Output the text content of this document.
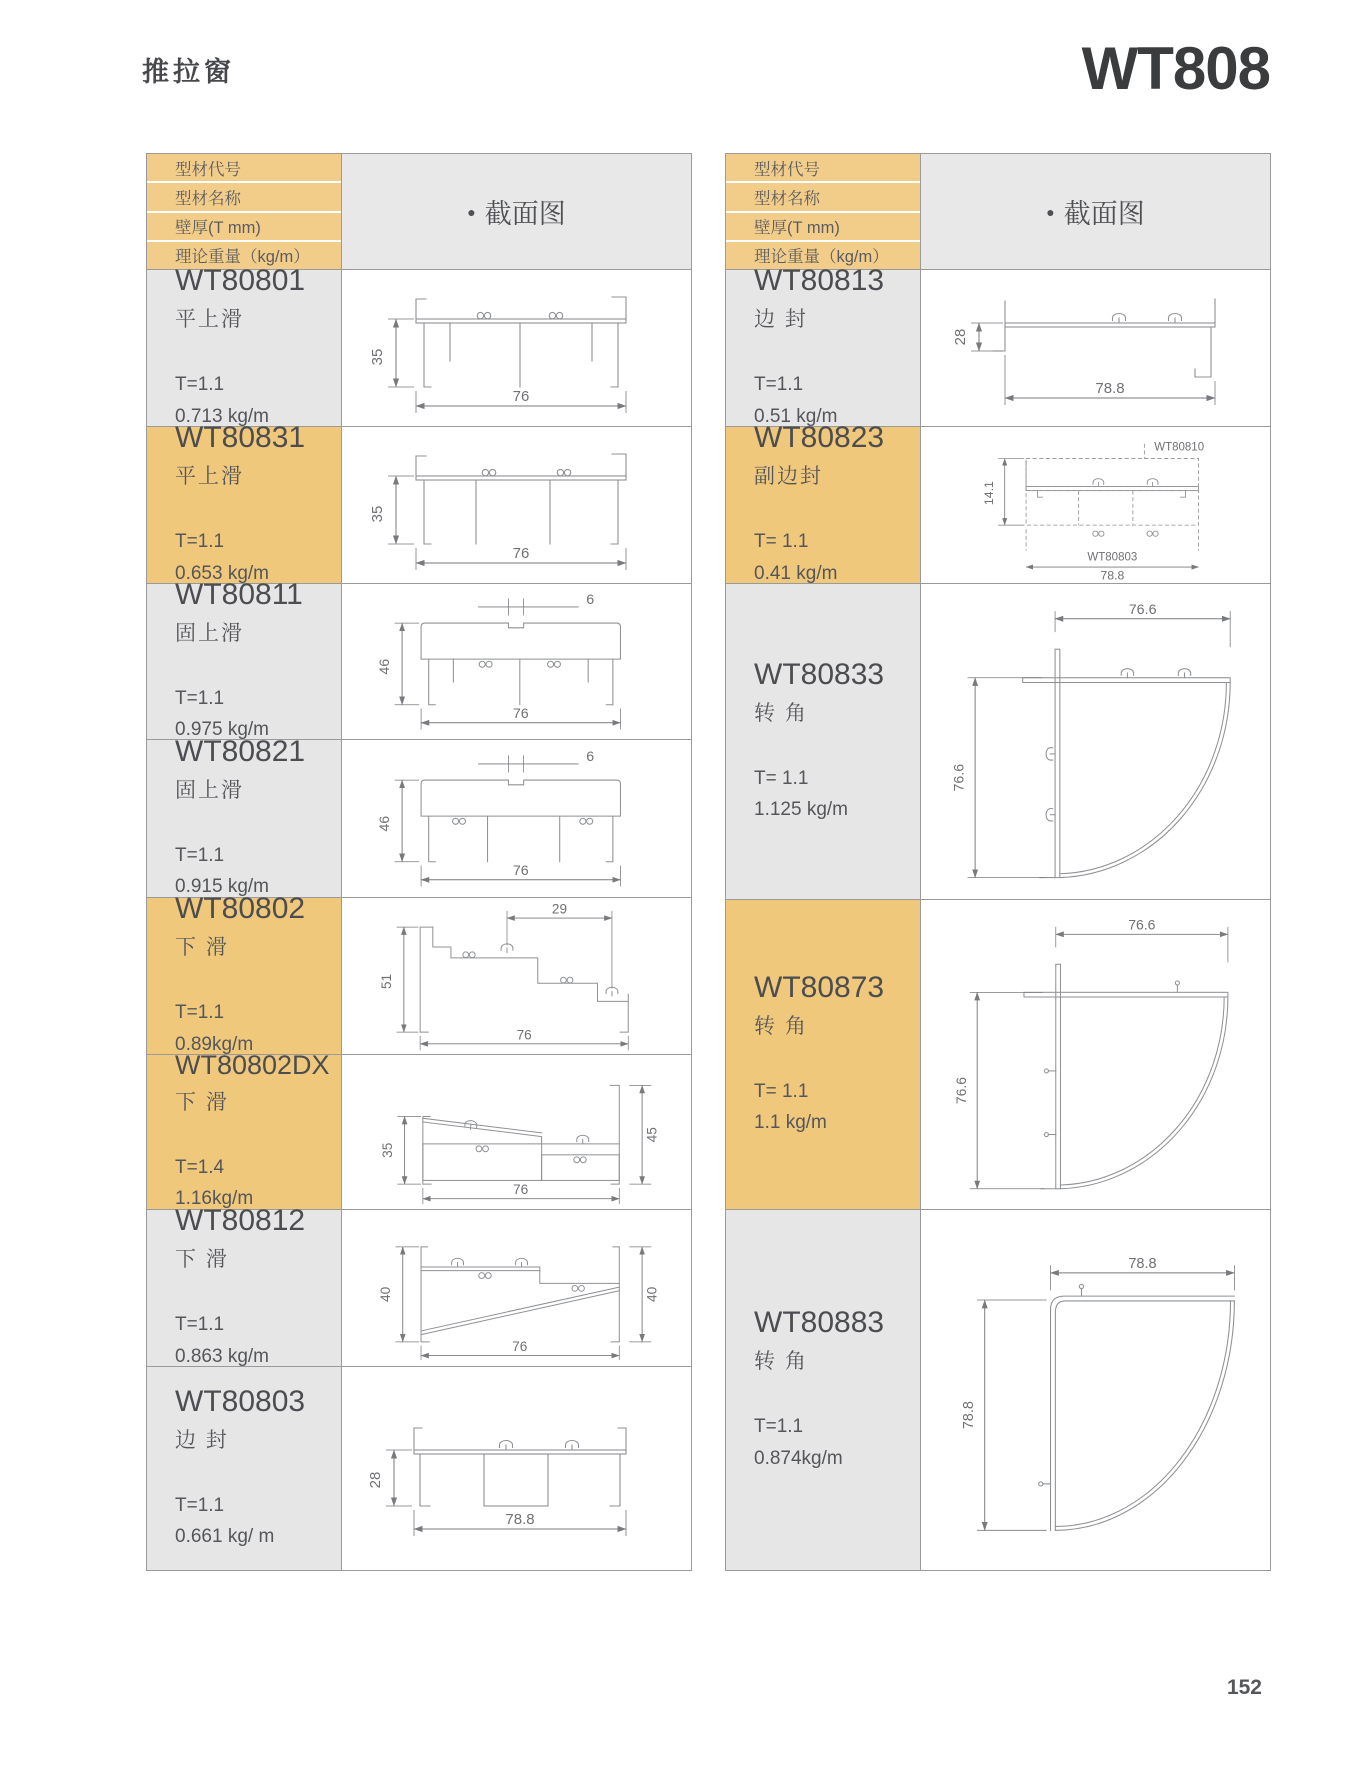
推拉窗	WT808
型材代号
型材名称
壁厚(T mm)
理论重量（kg/m）
● 截面图
WT80801
平上滑
T=1.1
0.713 kg/m
35
76
WT80831
平上滑
T=1.1
0.653 kg/m
35
76
WT80811
固上滑
T=1.1
0.975 kg/m
6
46
76
WT80821
固上滑
T=1.1
0.915 kg/m
6
46
76
WT80802
下 滑
T=1.1
0.89kg/m
29
51
76
WT80802DX
下 滑
T=1.4
1.16kg/m
35
45
76
WT80812
下 滑
T=1.1
0.863 kg/m
40	40
76
WT80803
边 封
T=1.1
0.661 kg/ m
28
78.8
型材代号
型材名称
壁厚(T mm)
理论重量（kg/m）
● 截面图
WT80813
边 封
T=1.1
0.51 kg/m
28
78.8
WT80823
副边封
T= 1.1
0.41 kg/m
WT80810
WT80803
14.1
78.8
WT80833
转 角
T= 1.1
1.125 kg/m
76.6
76.6
WT80873
转 角
T= 1.1
1.1 kg/m
76.6
76.6
WT80883
转 角
T=1.1
0.874kg/m
78.8
78.8
152
